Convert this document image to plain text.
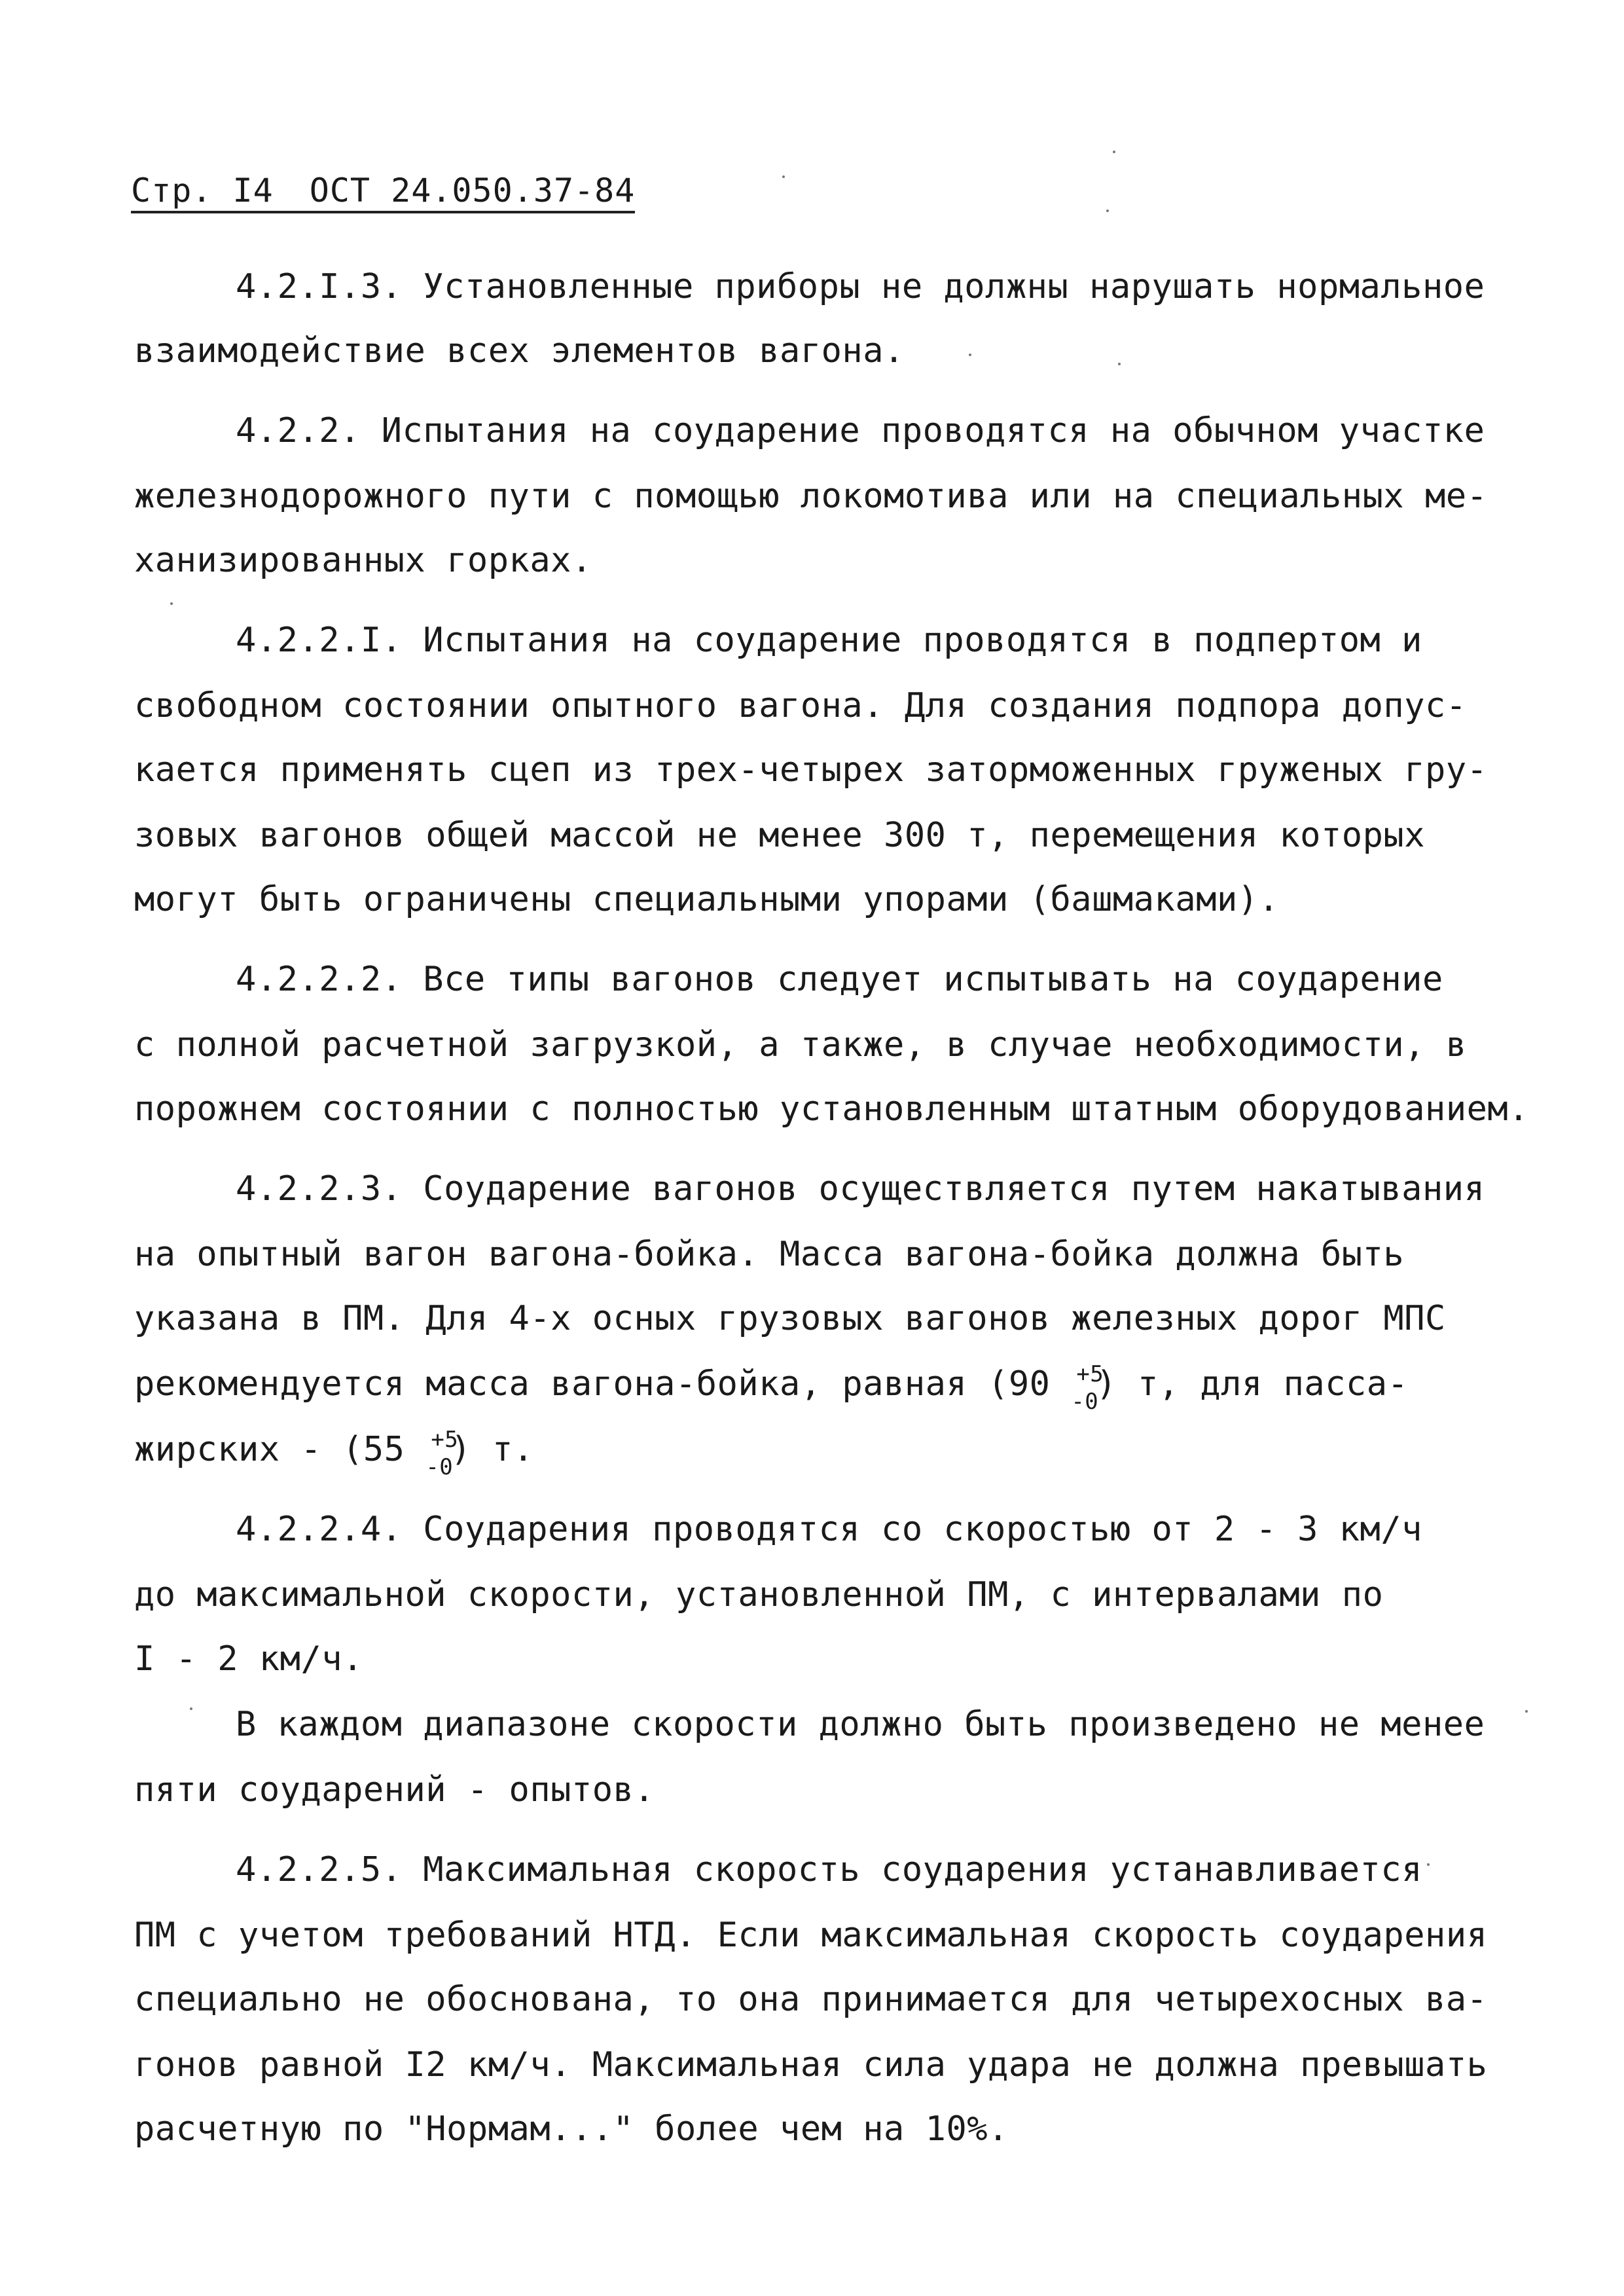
Стр. I4 ОСТ 24.050.37-84
4.2.I.3. Установленные приборы не должны нарушать нормальное
взаимодействие всех элементов вагона.
4.2.2. Испытания на соударение проводятся на обычном участке
железнодорожного пути с помощью локомотива или на специальных ме-
ханизированных горках.
4.2.2.I. Испытания на соударение проводятся в подпертом и
свободном состоянии опытного вагона. Для создания подпора допус-
кается применять сцеп из трех-четырех заторможенных груженых гру-
зовых вагонов общей массой не менее 300 т, перемещения которых
могут быть ограничены специальными упорами (башмаками).
4.2.2.2. Все типы вагонов следует испытывать на соударение
с полной расчетной загрузкой, а также, в случае необходимости, в
порожнем состоянии с полностью установленным штатным оборудованием.
4.2.2.3. Соударение вагонов осуществляется путем накатывания
на опытный вагон вагона-бойка. Масса вагона-бойка должна быть
указана в ПМ. Для 4-х осных грузовых вагонов железных дорог МПС
рекомендуется масса вагона-бойка, равная (90 +5
-0
) т, для пасса-
жирских - (55 +5
-0
) т.
4.2.2.4. Соударения проводятся со скоростью от 2 - 3 км/ч
до максимальной скорости, установленной ПМ, с интервалами по
I - 2 км/ч.
В каждом диапазоне скорости должно быть произведено не менее
пяти соударений - опытов.
4.2.2.5. Максимальная скорость соударения устанавливается
ПМ с учетом требований НТД. Если максимальная скорость соударения
специально не обоснована, то она принимается для четырехосных ва-
гонов равной I2 км/ч. Максимальная сила удара не должна превышать
расчетную по "Нормам..." более чем на 10%.
